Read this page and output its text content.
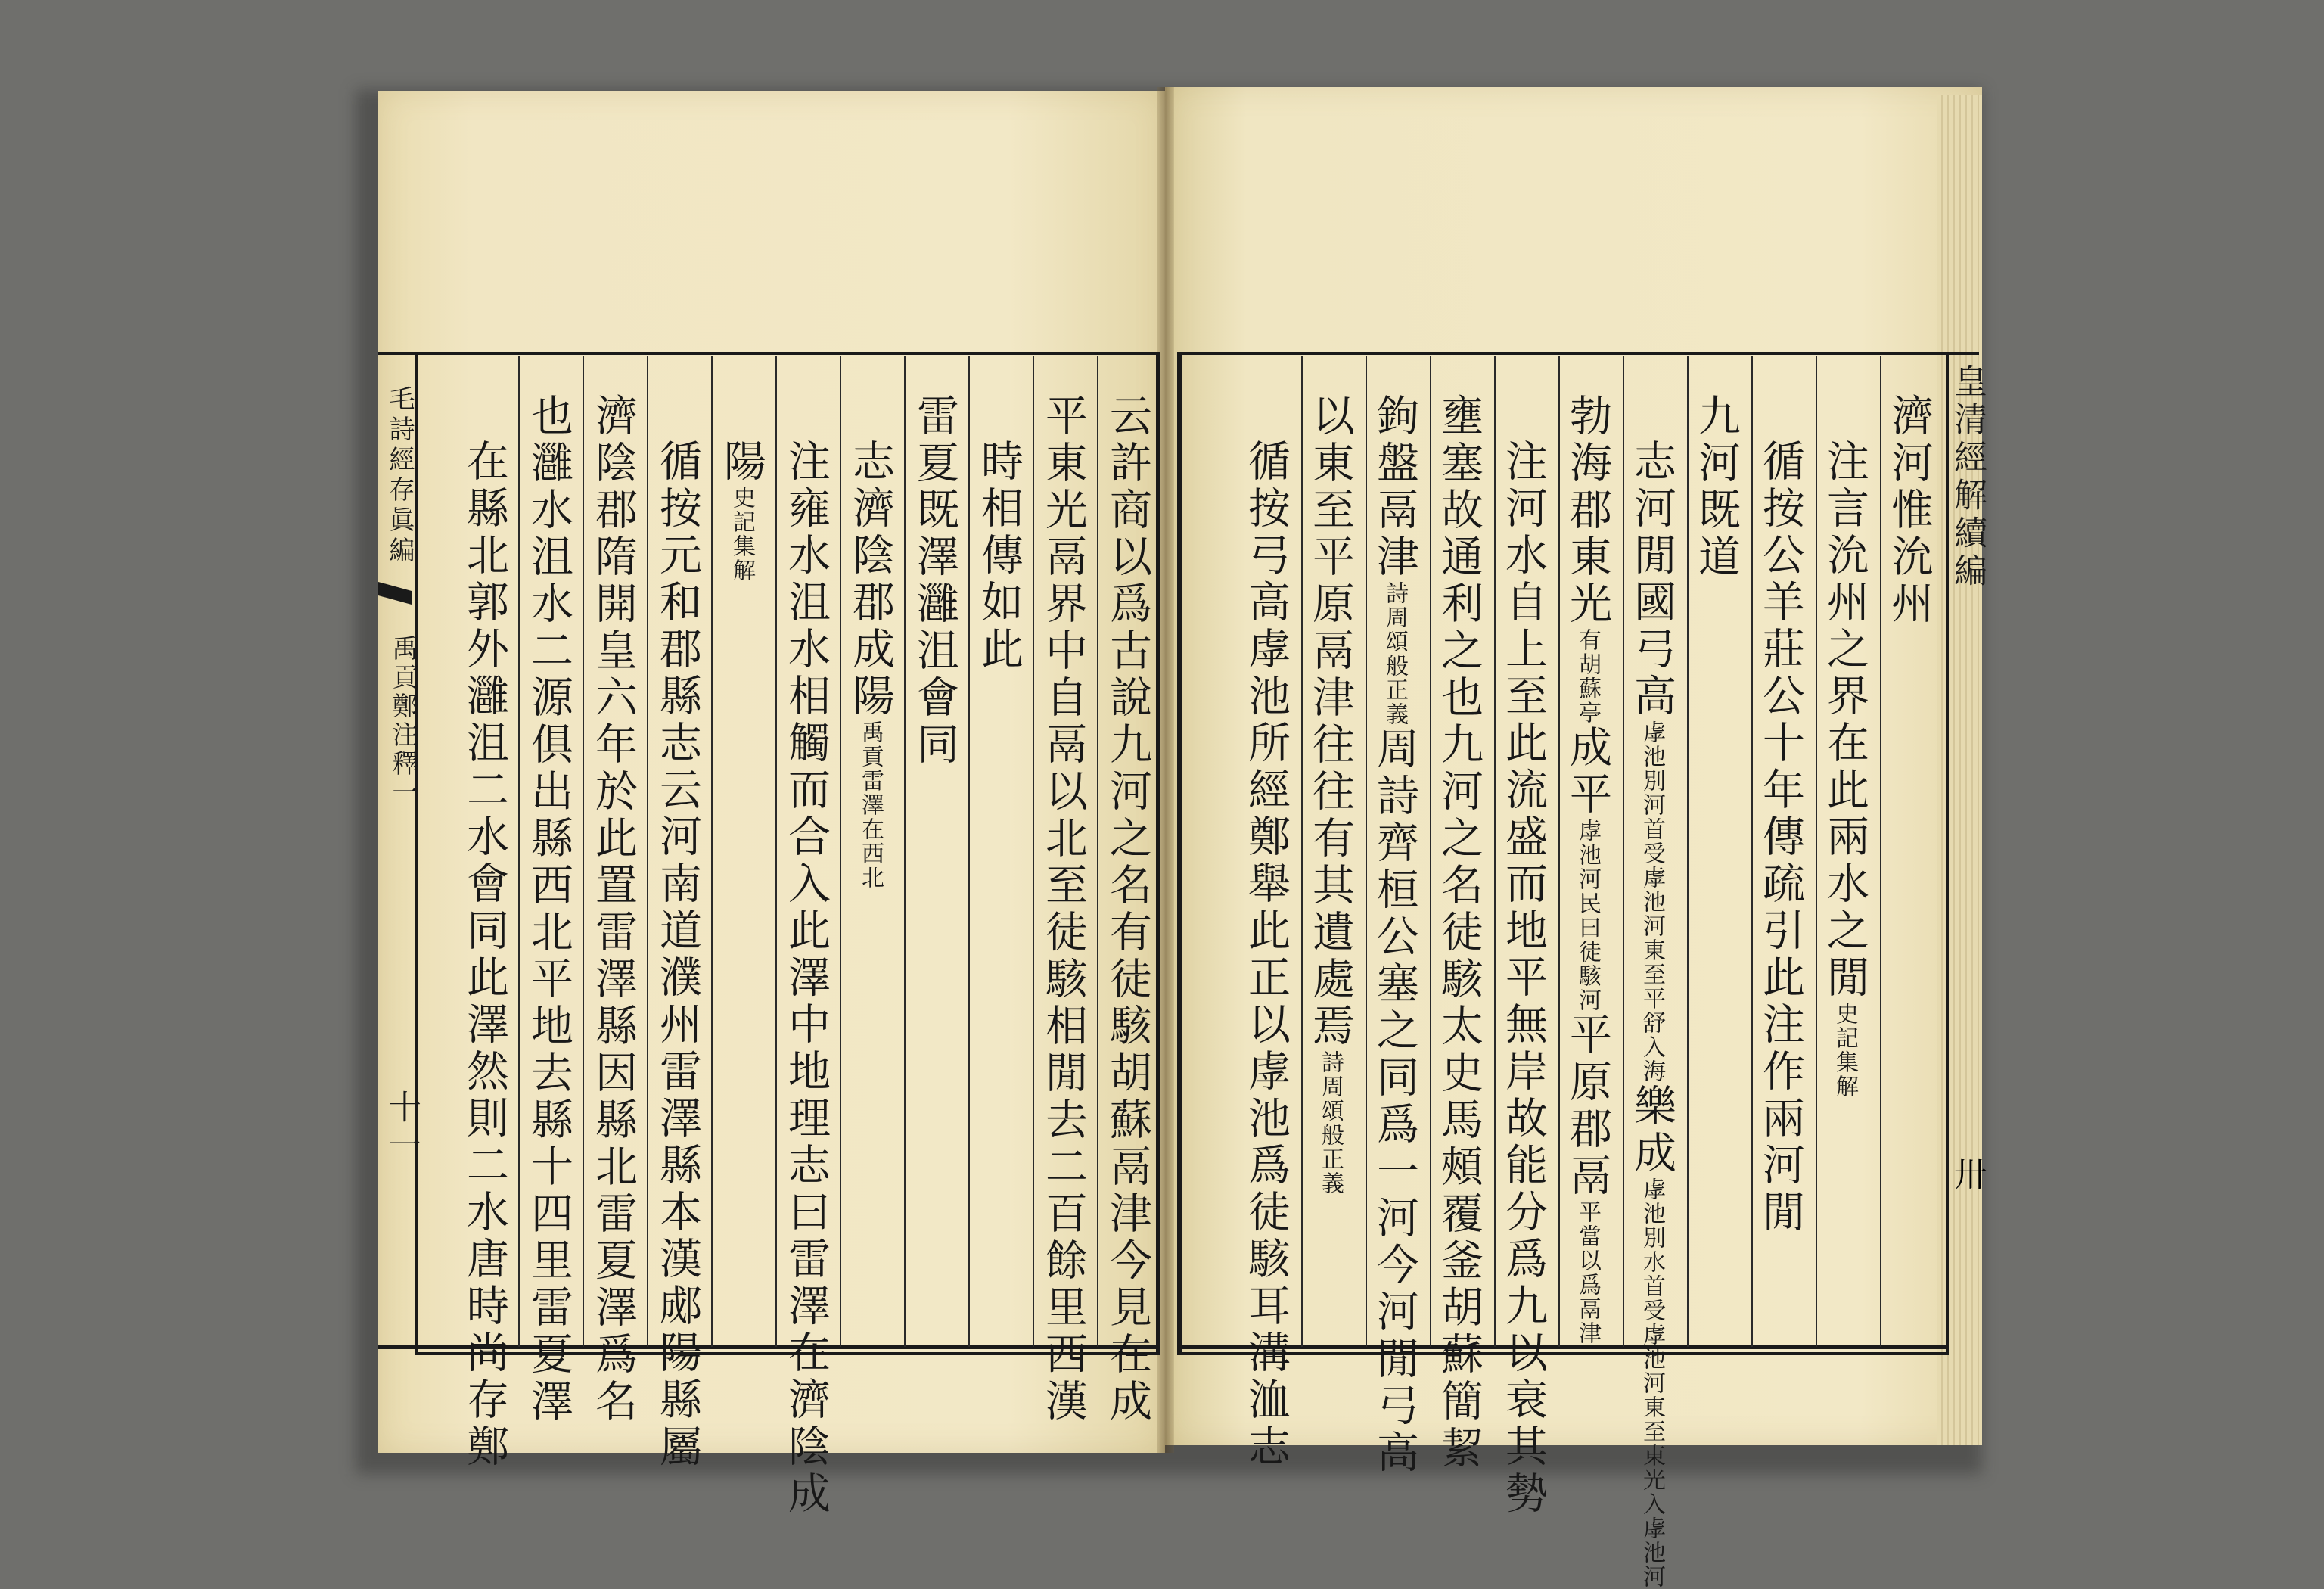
毛詩經存眞編
禹貢鄭注釋一
十一
皇清經解續編
卅
云許商以爲古說九河之名有徒駭胡蘇鬲津今見在成
平東光鬲界中自鬲以北至徒駭相閒去二百餘里西漢
時相傳如此
雷夏既澤灉沮會同
志濟陰郡成陽禹貢雷澤在西北
注雍水沮水相觸而合入此澤中地理志曰雷澤在濟陰成
陽史記集解
循按元和郡縣志云河南道濮州雷澤縣本漢郕陽縣屬
濟陰郡隋開皇六年於此置雷澤縣因縣北雷夏澤爲名
也灉水沮水二源俱出縣西北平地去縣十四里雷夏澤
在縣北郭外灉沮二水會同此澤然則二水唐時尚存鄭	濟河惟沇州
注言沇州之界在此兩水之閒史記集解
循按公羊莊公十年傳疏引此注作兩河閒
九河既道
志河閒國弓高虖池別河首受虖池河東至平舒入海樂成虖池別水首受虖池河東至東光入虖池河
勃海郡東光有胡蘇亭成平虖池河民曰徒駭河平原郡鬲平當以爲鬲津
注河水自上至此流盛而地平無岸故能分爲九以衰其勢
壅塞故通利之也九河之名徒駭太史馬頰覆釜胡蘇簡絜
鉤盤鬲津詩周頌般正義周詩齊桓公塞之同爲一河今河閒弓高
以東至平原鬲津往往有其遺處焉詩周頌般正義
循按弓高虖池所經鄭舉此正以虖池爲徒駭耳溝洫志
